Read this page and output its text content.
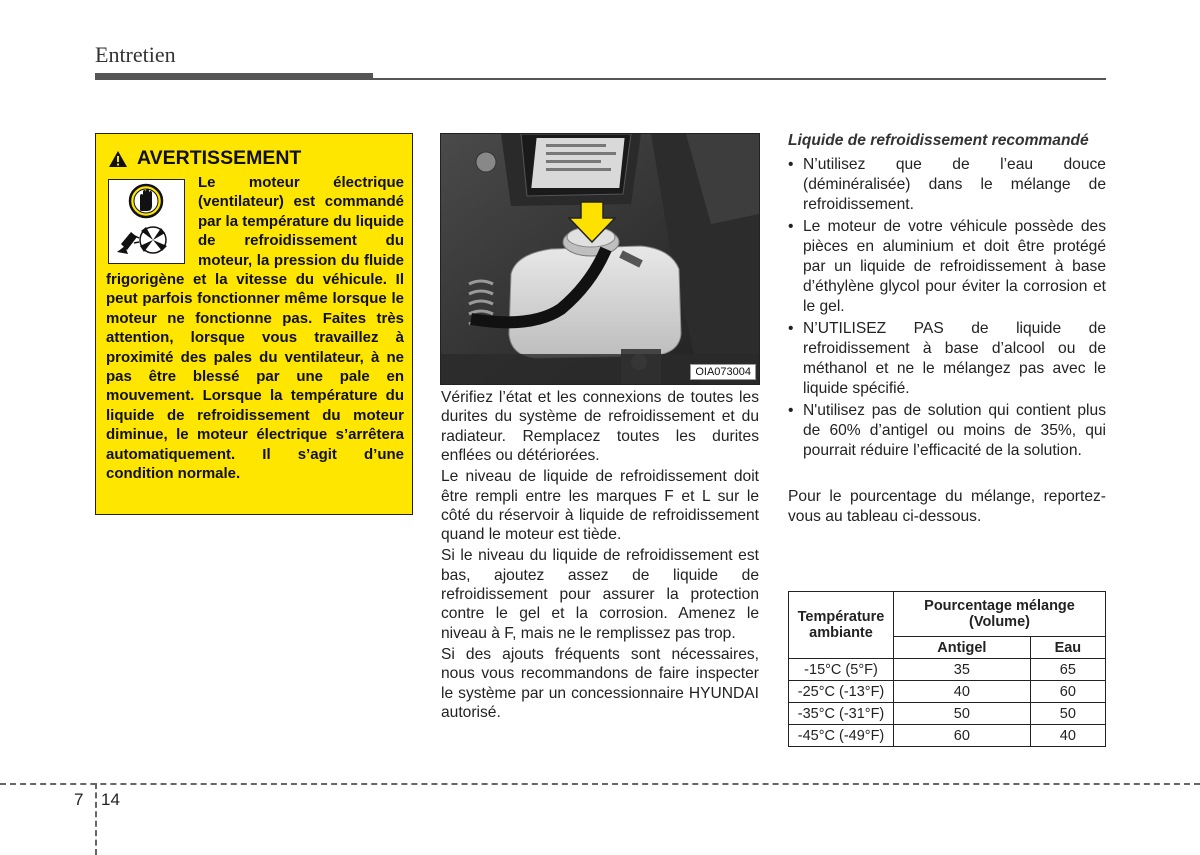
Entretien
AVERTISSEMENT
Le moteur électrique (ventilateur) est commandé par la température du liquide de refroidissement du moteur, la pression du fluide frigorigène et la vitesse du véhicule. Il peut parfois fonctionner même lorsque le moteur ne fonctionne pas. Faites très attention, lorsque vous travaillez à proximité des pales du ventilateur, à ne pas être blessé par une pale en mouvement. Lorsque la température du liquide de refroidissement du moteur diminue, le moteur électrique s’arrêtera automatiquement. Il s’agit d’une condition normale.
OIA073004

Vérifiez l’état et les connexions de toutes les durites du système de refroidissement et du radiateur. Remplacez toutes les durites enflées ou détériorées.

Le niveau de liquide de refroidissement doit être rempli entre les marques F et L sur le côté du réservoir à liquide de refroidissement quand le moteur est tiède.

Si le niveau du liquide de refroidissement est bas, ajoutez assez de liquide de refroidissement pour assurer la protection contre le gel et la corrosion. Amenez le niveau à F, mais ne le remplissez pas trop.

Si des ajouts fréquents sont nécessaires, nous vous recommandons de faire inspecter le système par un concessionnaire HYUNDAI autorisé.

Liquide de refroidissement recommandé
• N’utilisez que de l’eau douce (déminéralisée) dans le mélange de refroidissement.
• Le moteur de votre véhicule possède des pièces en aluminium et doit être protégé par un liquide de refroidissement à base d’éthylène glycol pour éviter la corrosion et le gel.
• N’UTILISEZ PAS de liquide de refroidissement à base d’alcool ou de méthanol et ne le mélangez pas avec le liquide spécifié.
• N'utilisez pas de solution qui contient plus de 60% d’antigel ou moins de 35%, qui pourrait réduire l’efficacité de la solution.
Pour le pourcentage du mélange, reportez-vous au tableau ci-dessous.
Température ambiante	Pourcentage mélange (Volume)	
	Antigel	Eau
-15°C (5°F)	35	65
-25°C (-13°F)	40	60
-35°C (-31°F)	50	50
-45°C (-49°F)	60	40
7 14
